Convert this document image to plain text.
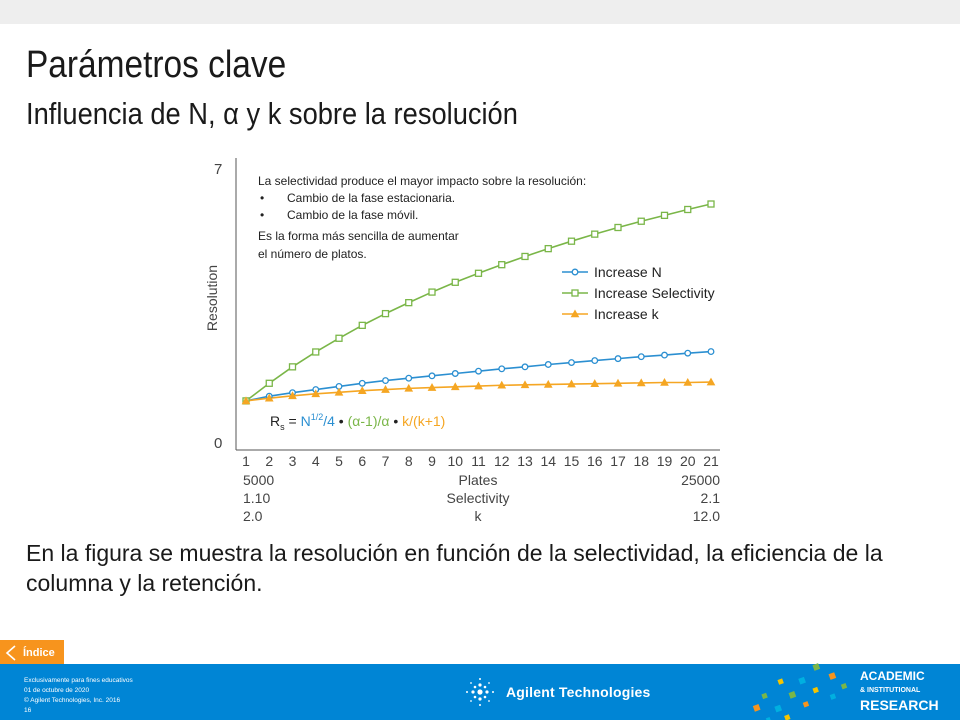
Parámetros clave
Influencia de N, α y k sobre la resolución
Resolution
0
7
1 2 3 4 5 6 7 8 9 10 11 12 13 14 15 16 17 18 19 20 21
5000	Plates	25000
1.10	Selectivity	2.1
2.0	k	12.0
Increase N
Increase Selectivity
Increase k
La selectividad produce el mayor impacto sobre la resolución:
• Cambio de la fase estacionaria.
• Cambio de la fase móvil.
Es la forma más sencilla de aumentar
el número de platos.
$R_s = N^{1/2}/4$ • (α-1)/α • k/(k+1)
En la figura se muestra la resolución en función de la selectividad, la eficiencia de la columna y la retención.
Índice
Exclusivamente para fines educativos
01 de octubre de 2020
© Agilent Technologies, Inc. 2016
16
Agilent Technologies
ACADEMIC
& INSTITUTIONAL
RESEARCH
